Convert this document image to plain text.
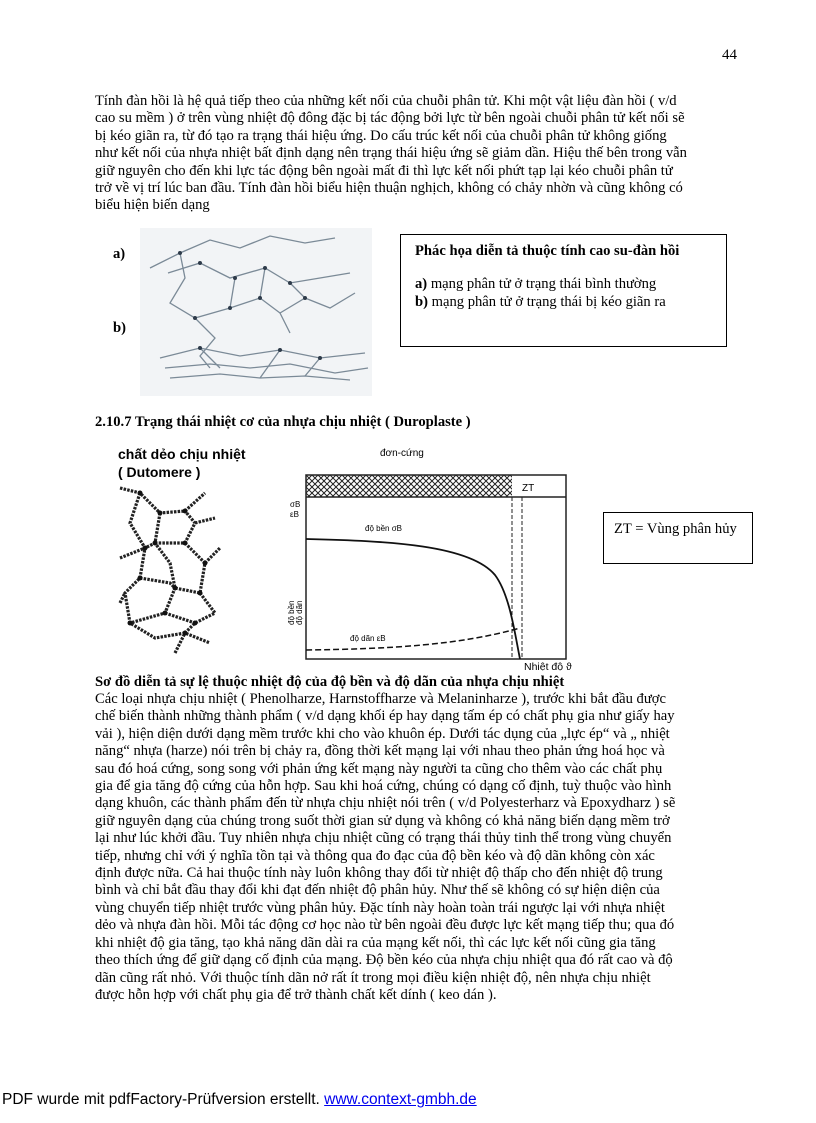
44
Tính đàn hồi là hệ quả tiếp theo của những kết nối của chuỗi phân tử. Khi một vật liệu đàn hồi ( v/d
cao su mềm ) ở trên vùng nhiệt độ đông đặc bị tác động bởi lực từ bên ngoài chuỗi phân tử kết nối sẽ
bị kéo giãn ra, từ đó tạo ra trạng thái hiệu ứng. Do cấu trúc kết nối của chuỗi phân tử không giống
như kết nối của nhựa nhiệt bất định dạng nên trạng thái hiệu ứng sẽ giảm dần. Hiệu thế bên trong vẫn
giữ nguyên cho đến khi lực tác động bên ngoài mất đi thì lực kết nối phứt tạp lại kéo chuỗi phân tử
trở về vị trí lúc ban đầu. Tính đàn hồi biểu hiện thuận nghịch, không có chảy nhờn và cũng không có
biểu hiện biến dạng
a)
b)
Phác họa diễn tả thuộc tính cao su-đàn hồi
a) mạng phân tử ở trạng thái bình thường
b) mạng phân tử ở trạng thái bị kéo giãn ra
2.10.7 Trạng thái nhiệt cơ của nhựa chịu nhiệt ( Duroplaste )
chất dẻo chịu nhiệt
( Dutomere )
đơn-cứng
ZT
σB
εB
độ bền độ dãn
độ bền σB
độ dãn εB
Nhiệt độ ϑ
ZT = Vùng phân hủy
Sơ đồ diễn tả sự lệ thuộc nhiệt độ của độ bền và độ dãn của nhựa chịu nhiệt
Các loại nhựa chịu nhiệt ( Phenolharze, Harnstoffharze và Melaninharze ), trước khi bắt đầu được
chế biến thành những thành phẩm ( v/d dạng khối ép hay dạng tấm ép có chất phụ gia như giấy hay
vải ), hiện diện dưới dạng mềm trước khi cho vào khuôn ép. Dưới tác dụng của „lực ép“ và „ nhiệt
năng“ nhựa (harze) nói trên bị chảy ra, đồng thời kết mạng lại với nhau theo phản ứng hoá học và
sau đó hoá cứng, song song với phản ứng kết mạng này người ta cũng cho thêm vào các chất phụ
gia để gia tăng độ cứng của hỗn hợp. Sau khi hoá cứng, chúng có dạng cố định, tuỳ thuộc vào hình
dạng khuôn, các thành phẩm đến từ nhựa chịu nhiệt nói trên ( v/d Polyesterharz và Epoxydharz ) sẽ
giữ nguyên dạng của chúng trong suốt thời gian sử dụng và không có khả năng biến dạng mềm trở
lại như lúc khởi đầu. Tuy nhiên nhựa chịu nhiệt cũng có trạng thái thủy tinh thể trong vùng chuyển
tiếp, nhưng chỉ với ý nghĩa tồn tại và thông qua đo đạc của độ bền kéo và độ dãn không còn xác
định được nữa. Cả hai thuộc tính này luôn không thay đổi từ nhiệt độ thấp cho đến nhiệt độ trung
bình và chỉ bắt đầu thay đổi khi đạt đến nhiệt độ phân hủy. Như thế sẽ không có sự hiện diện của
vùng chuyển tiếp nhiệt trước vùng phân hủy. Đặc tính này hoàn toàn trái ngược lại với nhựa nhiệt
dẻo và nhựa đàn hồi. Mỗi tác động cơ học nào từ bên ngoài đều được lực kết mạng tiếp thu; qua đó
khi nhiệt độ gia tăng, tạo khả năng dãn dài ra của mạng kết nối, thì các lực kết nối cũng gia tăng
theo thích ứng để giữ dạng cố định của mạng. Độ bền kéo của nhựa chịu nhiệt qua đó rất cao và độ
dãn cũng rất nhỏ. Với thuộc tính dãn nở rất ít trong mọi điều kiện nhiệt độ, nên nhựa chịu nhiệt
được hỗn hợp với chất phụ gia để trở thành chất kết dính ( keo dán ).
PDF wurde mit pdfFactory-Prüfversion erstellt. www.context-gmbh.de
